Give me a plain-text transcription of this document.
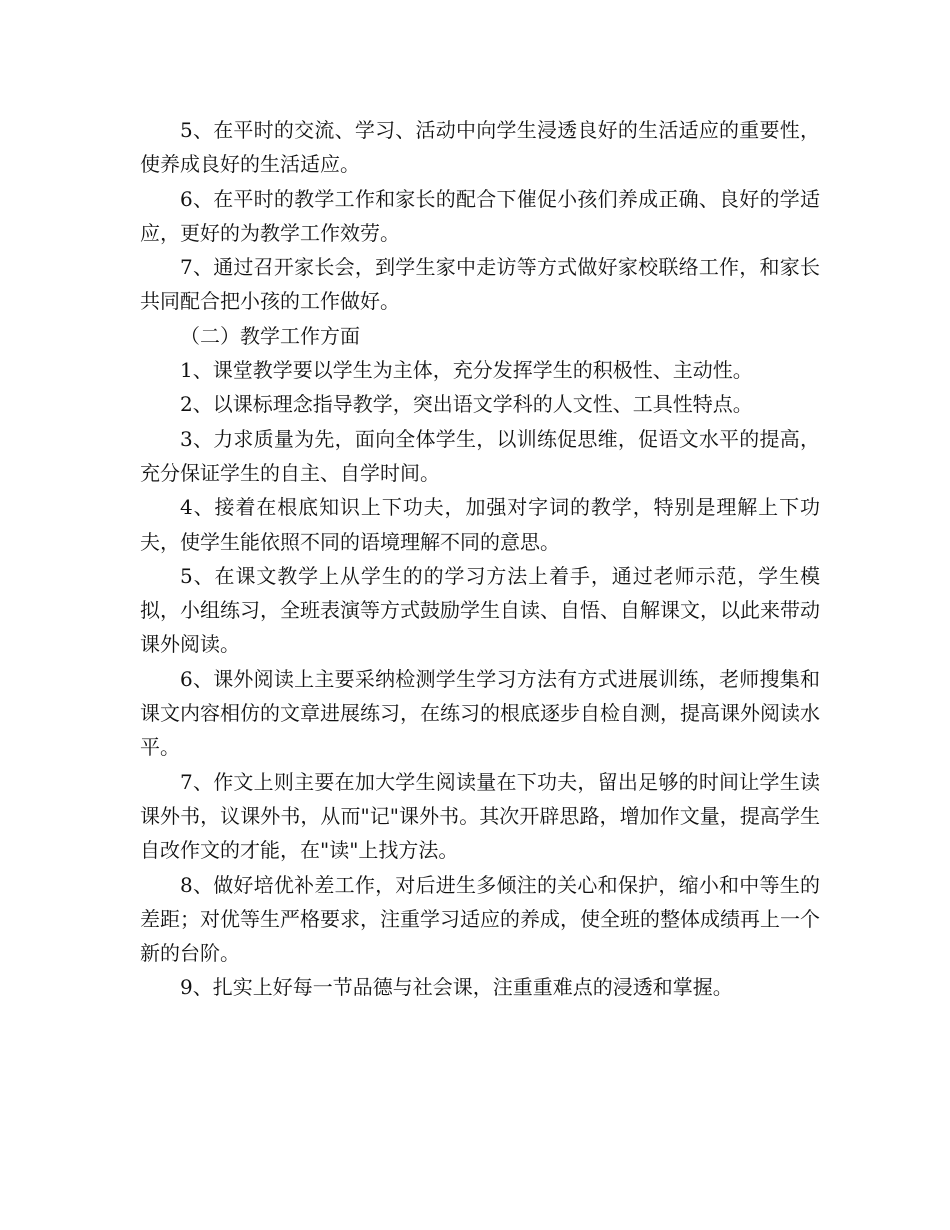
5、在平时的交流、学习、活动中向学生浸透良好的生活适应的重要性，使养成良好的生活适应。

6、在平时的教学工作和家长的配合下催促小孩们养成正确、良好的学适应，更好的为教学工作效劳。

7、通过召开家长会，到学生家中走访等方式做好家校联络工作，和家长共同配合把小孩的工作做好。

（二）教学工作方面

1、课堂教学要以学生为主体，充分发挥学生的积极性、主动性。

2、以课标理念指导教学，突出语文学科的人文性、工具性特点。

3、力求质量为先，面向全体学生，以训练促思维，促语文水平的提高，充分保证学生的自主、自学时间。

4、接着在根底知识上下功夫，加强对字词的教学，特别是理解上下功夫，使学生能依照不同的语境理解不同的意思。

5、在课文教学上从学生的的学习方法上着手，通过老师示范，学生模拟，小组练习，全班表演等方式鼓励学生自读、自悟、自解课文，以此来带动课外阅读。

6、课外阅读上主要采纳检测学生学习方法有方式进展训练，老师搜集和课文内容相仿的文章进展练习，在练习的根底逐步自检自测，提高课外阅读水平。

7、作文上则主要在加大学生阅读量在下功夫，留出足够的时间让学生读课外书，议课外书，从而"记"课外书。其次开辟思路，增加作文量，提高学生自改作文的才能，在"读"上找方法。

8、做好培优补差工作，对后进生多倾注的关心和保护，缩小和中等生的差距；对优等生严格要求，注重学习适应的养成，使全班的整体成绩再上一个新的台阶。

9、扎实上好每一节品德与社会课，注重重难点的浸透和掌握。
